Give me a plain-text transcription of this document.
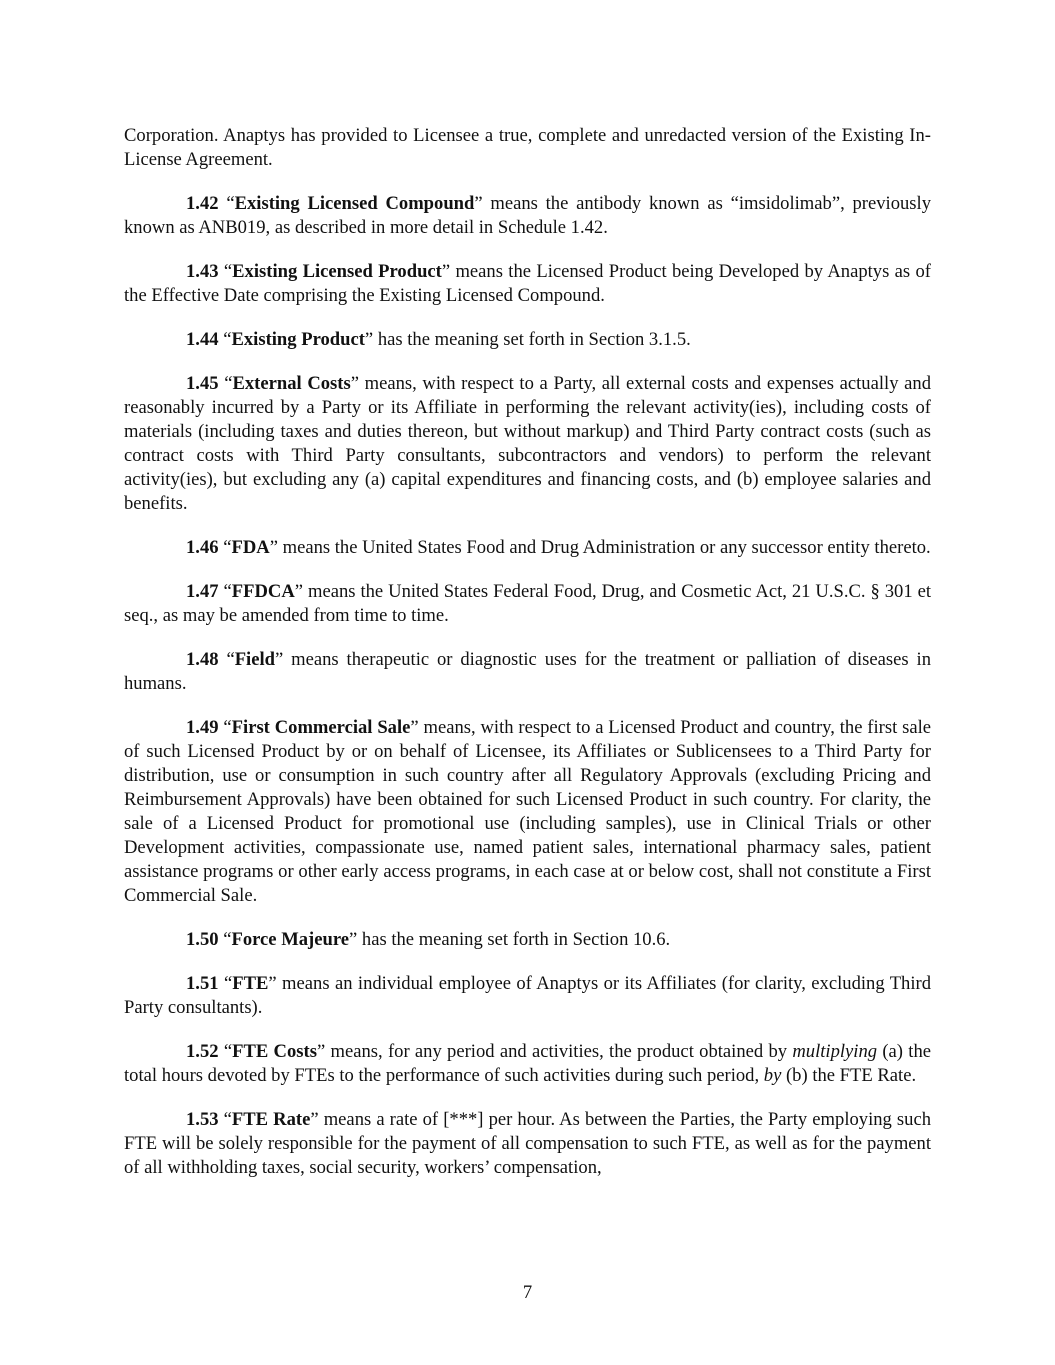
Corporation. Anaptys has provided to Licensee a true, complete and unredacted version of the Existing In-License Agreement.

1.42 “Existing Licensed Compound” means the antibody known as “imsidolimab”, previously known as ANB019, as described in more detail in Schedule 1.42.

1.43 “Existing Licensed Product” means the Licensed Product being Developed by Anaptys as of the Effective Date comprising the Existing Licensed Compound.

1.44 “Existing Product” has the meaning set forth in Section 3.1.5.

1.45 “External Costs” means, with respect to a Party, all external costs and expenses actually and reasonably incurred by a Party or its Affiliate in performing the relevant activity(ies), including costs of materials (including taxes and duties thereon, but without markup) and Third Party contract costs (such as contract costs with Third Party consultants, subcontractors and vendors) to perform the relevant activity(ies), but excluding any (a) capital expenditures and financing costs, and (b) employee salaries and benefits.

1.46 “FDA” means the United States Food and Drug Administration or any successor entity thereto.

1.47 “FFDCA” means the United States Federal Food, Drug, and Cosmetic Act, 21 U.S.C. § 301 et seq., as may be amended from time to time.

1.48 “Field” means therapeutic or diagnostic uses for the treatment or palliation of diseases in humans.

1.49 “First Commercial Sale” means, with respect to a Licensed Product and country, the first sale of such Licensed Product by or on behalf of Licensee, its Affiliates or Sublicensees to a Third Party for distribution, use or consumption in such country after all Regulatory Approvals (excluding Pricing and Reimbursement Approvals) have been obtained for such Licensed Product in such country. For clarity, the sale of a Licensed Product for promotional use (including samples), use in Clinical Trials or other Development activities, compassionate use, named patient sales, international pharmacy sales, patient assistance programs or other early access programs, in each case at or below cost, shall not constitute a First Commercial Sale.

1.50 “Force Majeure” has the meaning set forth in Section 10.6.

1.51 “FTE” means an individual employee of Anaptys or its Affiliates (for clarity, excluding Third Party consultants).

1.52 “FTE Costs” means, for any period and activities, the product obtained by multiplying (a) the total hours devoted by FTEs to the performance of such activities during such period, by (b) the FTE Rate.

1.53 “FTE Rate” means a rate of [***] per hour. As between the Parties, the Party employing such FTE will be solely responsible for the payment of all compensation to such FTE, as well as for the payment of all withholding taxes, social security, workers’ compensation,

7
